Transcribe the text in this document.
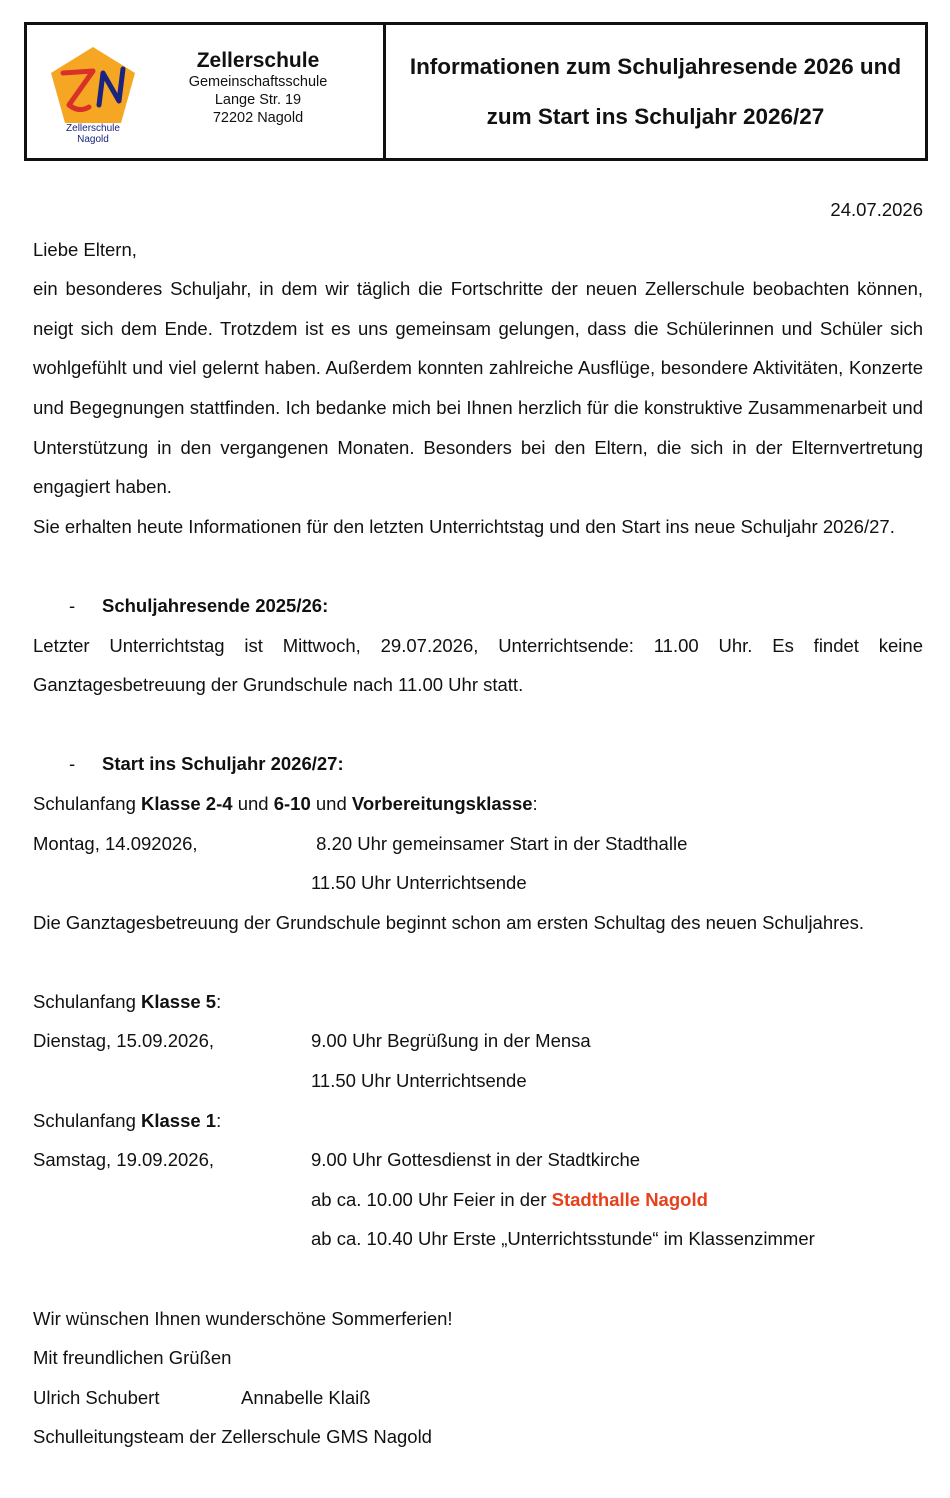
Zellerschule
Nagold
Zellerschule
Gemeinschaftsschule
Lange Str. 19
72202 Nagold
Informationen zum Schuljahresende 2026 und
zum Start ins Schuljahr 2026/27

24.07.2026

Liebe Eltern,

ein besonderes Schuljahr, in dem wir täglich die Fortschritte der neuen Zellerschule beobachten können, neigt sich dem Ende. Trotzdem ist es uns gemeinsam gelungen, dass die Schülerinnen und Schüler sich wohlgefühlt und viel gelernt haben. Außerdem konnten zahlreiche Ausflüge, besondere Aktivitäten, Konzerte und Begegnungen stattfinden. Ich bedanke mich bei Ihnen herzlich für die konstruktive Zusammenarbeit und Unterstützung in den vergangenen Monaten. Besonders bei den Eltern, die sich in der Elternvertretung engagiert haben.

Sie erhalten heute Informationen für den letzten Unterrichtstag und den Start ins neue Schuljahr 2026/27.

- Schuljahresende 2025/26:

Letzter Unterrichtstag ist Mittwoch, 29.07.2026, Unterrichtsende: 11.00 Uhr. Es findet keine Ganztagesbetreuung der Grundschule nach 11.00 Uhr statt.

- Start ins Schuljahr 2026/27:

Schulanfang Klasse 2-4 und 6-10 und Vorbereitungsklasse:

Montag, 14.092026,	8.20 Uhr gemeinsamer Start in der Stadthalle
11.50 Uhr Unterrichtsende

Die Ganztagesbetreuung der Grundschule beginnt schon am ersten Schultag des neuen Schuljahres.

Schulanfang Klasse 5:

Dienstag, 15.09.2026,	9.00 Uhr Begrüßung in der Mensa
11.50 Uhr Unterrichtsende

Schulanfang Klasse 1:

Samstag, 19.09.2026,	9.00 Uhr Gottesdienst in der Stadtkirche
ab ca. 10.00 Uhr Feier in der Stadthalle Nagold
ab ca. 10.40 Uhr Erste „Unterrichtsstunde“ im Klassenzimmer

Wir wünschen Ihnen wunderschöne Sommerferien!

Mit freundlichen Grüßen

Ulrich Schubert	Annabelle Klaiß

Schulleitungsteam der Zellerschule GMS Nagold
